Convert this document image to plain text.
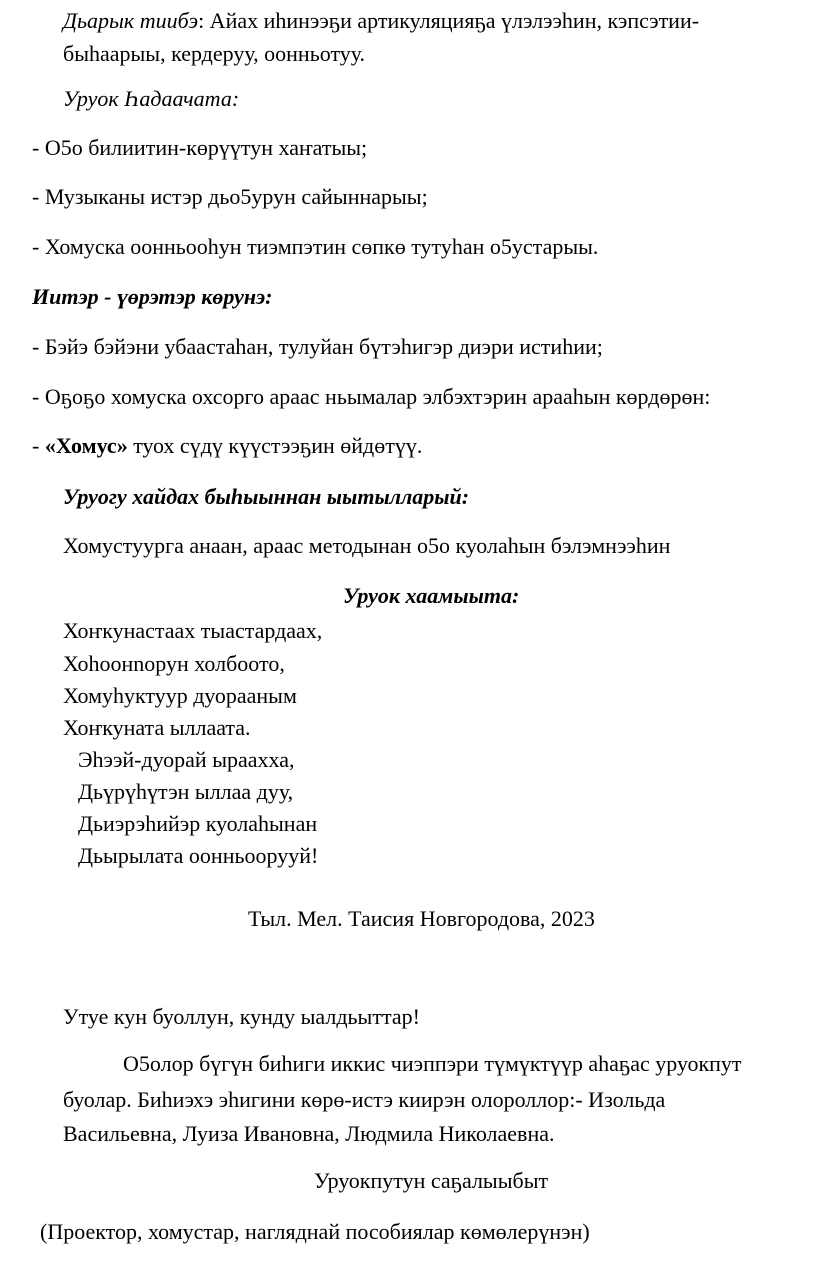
Дьарык тиибэ: Айах иһинээҕи артикуляцияҕа үлэлээһин, кэпсэтии-
быһаарыы, кердеруу, оонньотуу.
Уруок Һадаачата:
- О5о билиитин-көрүүтун хаҥатыы;
- Музыканы истэр дьо5урун сайыннарыы;
- Хомуска оонньооһун тиэмпэтин сөпкө тутуһан о5устарыы.
Иитэр - үөрэтэр көрунэ:
- Бэйэ бэйэни убаастаһан, тулуйан бүтэһигэр диэри истиһии;
- Оҕоҕо хомуска охсорго араас ньымалар элбэхтэрин арааһын көрдөрөн:
- «Хомус» туох сүдү күүстээҕин өйдөтүү.
Уруогу хайдах быһыыннан ыытылларый:
Хомустуурга анаан, араас методынан о5о куолаһын бэлэмнээһин
Уруок хаамыыта:
Хоҥкунастаах тыастардаах,
Хоһоонnорун холбоото,
Хомуһуктуур дуорааным
Хоҥкуната ыллаата.
Эһээй-дуорай ыраахха,
Дьүрүһүтэн ыллаа дуу,
Дьиэрэһийэр куолаһынан
Дьырылата оонньоорууй!
Тыл. Мел. Таисия Новгородова, 2023
Утуе кун буоллун, кунду ыалдьыттар!
О5олор бүгүн биһиги иккис чиэппэри түмүктүүр аһаҕас уруокпут
буолар. Биһиэхэ эһигини көрө-истэ киирэн олороллор:- Изольда
Васильевна, Луиза Ивановна, Людмила Николаевна.
Уруокпутун саҕалыыбыт
(Проектор, хомустар, нагляднай пособиялар көмөлерүнэн)
